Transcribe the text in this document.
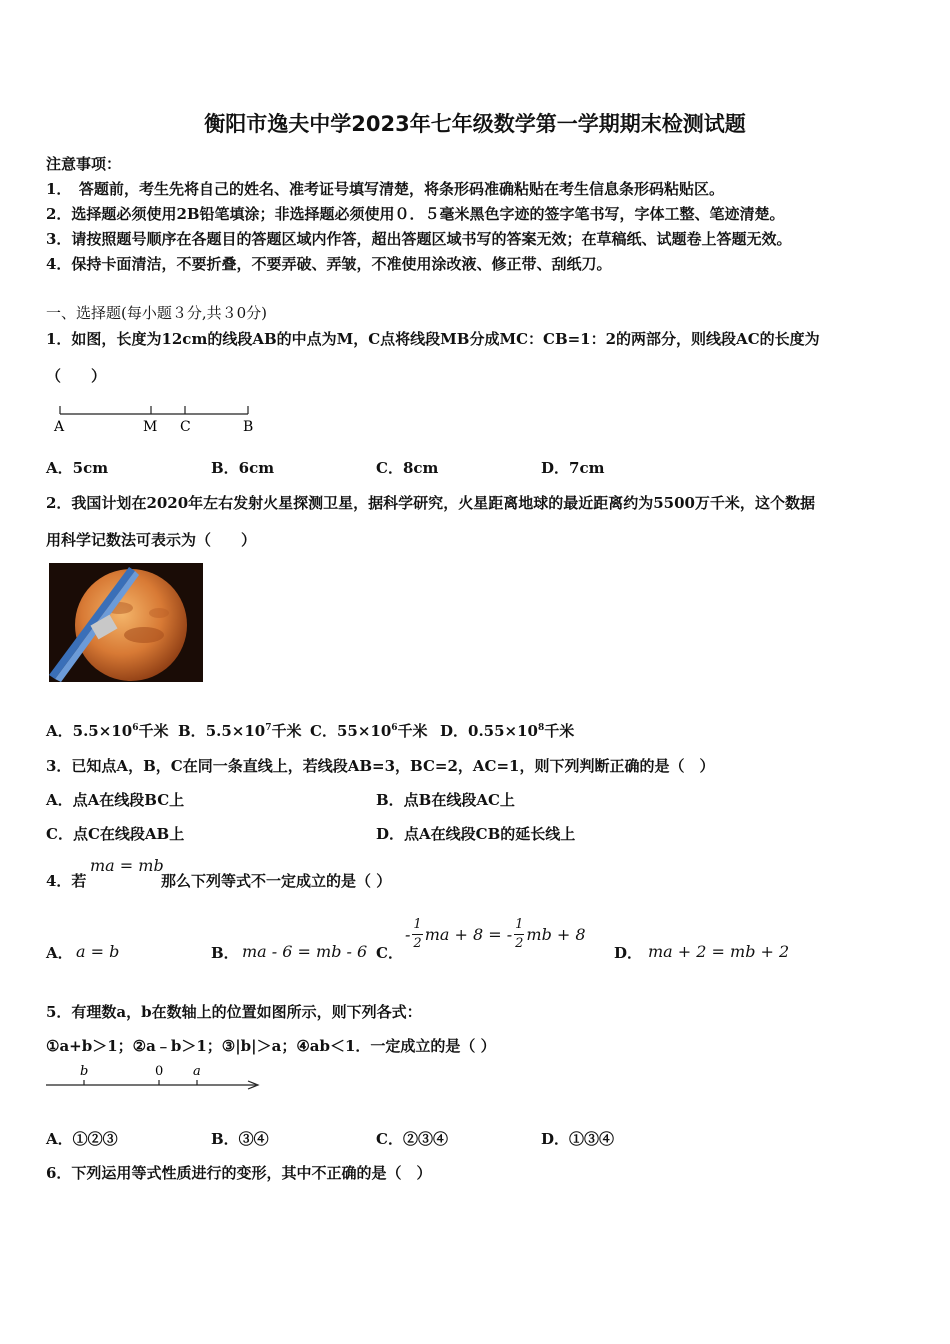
衡阳市逸夫中学2023年七年级数学第一学期期末检测试题
注意事项：
1．　答题前，考生先将自己的姓名、准考证号填写清楚，将条形码准确粘贴在考生信息条形码粘贴区。
2．选择题必须使用2B铅笔填涂；非选择题必须使用０．５毫米黑色字迹的签字笔书写，字体工整、笔迹清楚。
3．请按照题号顺序在各题目的答题区域内作答，超出答题区域书写的答案无效；在草稿纸、试题卷上答题无效。
4．保持卡面清洁，不要折叠，不要弄破、弄皱，不准使用涂改液、修正带、刮纸刀。
一、选择题(每小题３分,共３0分)
1．如图，长度为12cm的线段AB的中点为M，C点将线段MB分成MC：CB=1：2的两部分，则线段AC的长度为
（　　）
A	M C	B
A．5cm	B．6cm	C．8cm	D．7cm
2．我国计划在2020年左右发射火星探测卫星，据科学研究，火星距离地球的最近距离约为5500万千米，这个数据
用科学记数法可表示为（　　）
A．$5.5\times 10^6$千米 B．$5.5\times 10^7$千米 C．$55\times 10^6$千米 D．$0.55\times 10^8$千米
3．已知点A，B，C在同一条直线上，若线段AB=3，BC=2，AC=1，则下列判断正确的是（　）
A．点A在线段BC上	B．点B在线段AC上
C．点C在线段AB上	D．点A在线段CB的延长线上
4．若
ma = mb
那么下列等式不一定成立的是（ ）
A． a = b	B． ma - 6 = mb - 6 C．
- $\frac{1}{2}$ ma + 8 = - $\frac{1}{2}$ mb + 8
D． ma + 2 = mb + 2
5．有理数a，b在数轴上的位置如图所示，则下列各式：
①a+b＞1；②a﹣b＞1；③|b|＞a；④ab＜1．一定成立的是（ ）
b	0 a
A．①②③	B．③④	C．②③④	D．①③④
6．下列运用等式性质进行的变形，其中不正确的是（　）
